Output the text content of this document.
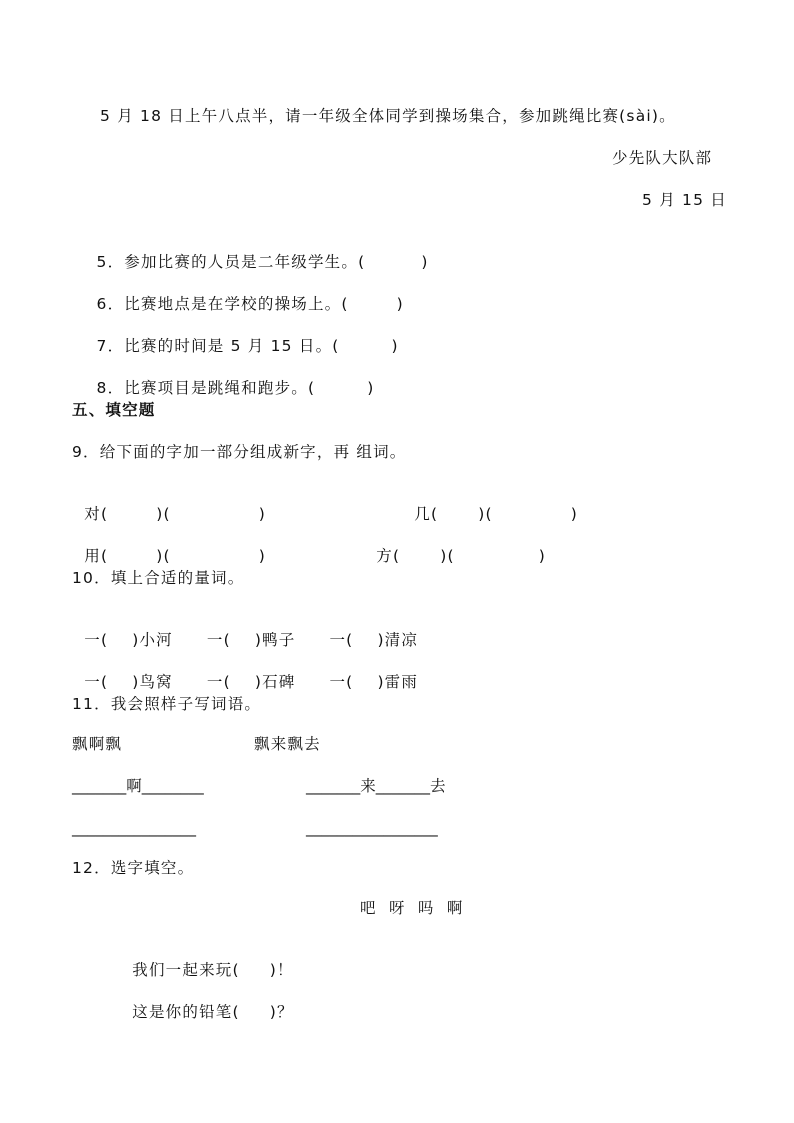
5 月 18 日上午八点半，请一年级全体同学到操场集合，参加跳绳比赛(sài)。
少先队大队部
5 月 15 日

5．参加比赛的人员是二年级学生。(	)

6．比赛地点是在学校的操场上。(	)

7．比赛的时间是 5 月 15 日。(	)

8．比赛项目是跳绳和跑步。(	)

五、填空题
9．给下面的字加一部分组成新字，再 组词。

对(	)(	)	几(	)(	)

用(	)(	)	方(	)(	)

10．填上合适的量词。

一( )小河 一( )鸭子 一( )清凉

一( )鸟窝 一( )石碑 一( )雷雨

11．我会照样子写词语。
飘啊飘	飘来飘去
_______啊________	_______来_______去
________________	_________________
12．选字填空。
吧  呀  吗  啊

我们一起来玩( )！

这是你的铅笔( )？
